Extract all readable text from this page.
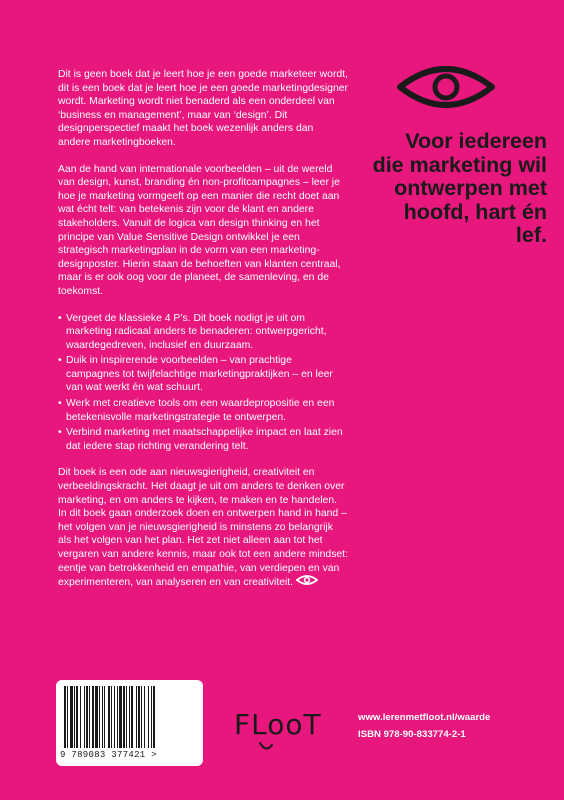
Dit is geen boek dat je leert hoe je een goede marketeer wordt, dit is een boek dat je leert hoe je een goede marketingdesigner wordt. Marketing wordt niet benaderd als een onderdeel van ‘business en management’, maar van ‘design’. Dit designperspectief maakt het boek wezenlijk anders dan andere marketingboeken.

Aan de hand van internationale voorbeelden – uit de wereld van design, kunst, branding én non-profitcampagnes – leer je hoe je marketing vormgeeft op een manier die recht doet aan wat écht telt: van betekenis zijn voor de klant en andere stakeholders. Vanuit de logica van design thinking en het principe van Value Sensitive Design ontwikkel je een strategisch marketingplan in de vorm van een marketing-designposter. Hierin staan de behoeften van klanten centraal, maar is er ook oog voor de planeet, de samenleving, en de toekomst.

• Vergeet de klassieke 4 P’s. Dit boek nodigt je uit om marketing radicaal anders te benaderen: ontwerpgericht, waardegedreven, inclusief en duurzaam.
• Duik in inspirerende voorbeelden – van prachtige campagnes tot twijfelachtige marketingpraktijken – en leer van wat werkt én wat schuurt.
• Werk met creatieve tools om een waardepropositie en een betekenisvolle marketingstrategie te ontwerpen.
• Verbind marketing met maatschappelijke impact en laat zien dat iedere stap richting verandering telt.

Dit boek is een ode aan nieuwsgierigheid, creativiteit en verbeeldingskracht. Het daagt je uit om anders te denken over marketing, en om anders te kijken, te maken en te handelen. In dit boek gaan onderzoek doen en ontwerpen hand in hand –het volgen van je nieuwsgierigheid is minstens zo belangrijk als het volgen van het plan. Het zet niet alleen aan tot het vergaren van andere kennis, maar ook tot een andere mindset: eentje van betrokkenheid en empathie, van verdiepen en van experimenteren, van analyseren en van creativiteit.

Voor iedereen die marketing wil ontwerpen met hoofd, hart én lef.
9 789083 377421 >
FLooT	www.lerenmetfloot.nl/waarde
ISBN 978-90-833774-2-1
